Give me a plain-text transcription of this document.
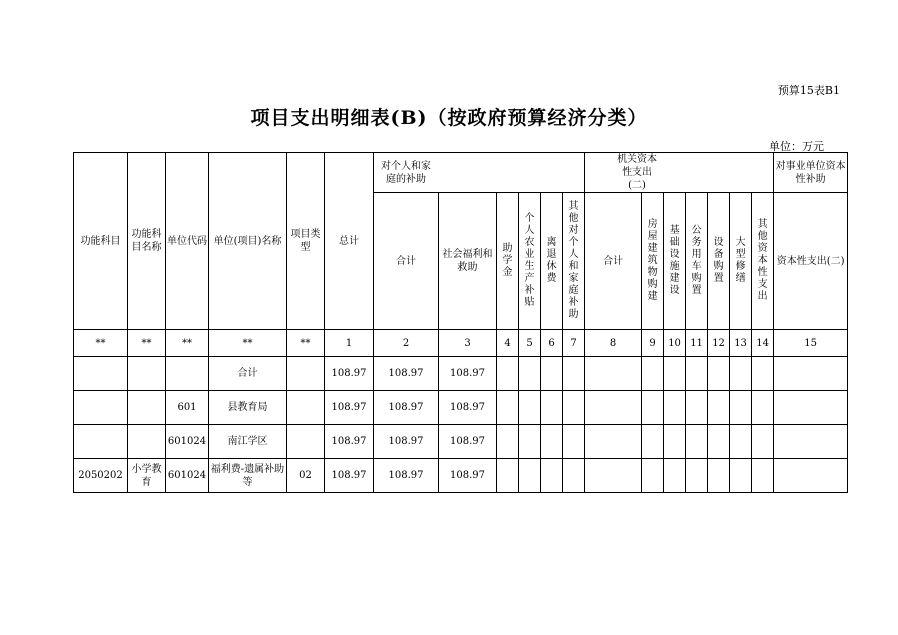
预算15表B1
项目支出明细表(B)（按政府预算经济分类）
单位：万元
功能科目	功能科目名称	单位代码	单位(项目)名称	项目类型	总计	对个人和家庭的补助						机关资本性支出(二)							对事业单位资本性补助
						合计	社会福利和救助	助学金	个人农业生产补贴	离退休费	其他对个人和家庭补助	合计	房屋建筑物购建	基础设施建设	公务用车购置	设备购置	大型修缮	其他资本性支出	资本性支出(二)
**	**	**	**	**	1	2	3	4	5	6	7	8	9	10	11	12	13	14	15
			合计		108.97	108.97	108.97												
		601	县教育局		108.97	108.97	108.97												
		601024	南江学区		108.97	108.97	108.97												
2050202	小学教育	601024	福利费-遗属补助等	02	108.97	108.97	108.97												
